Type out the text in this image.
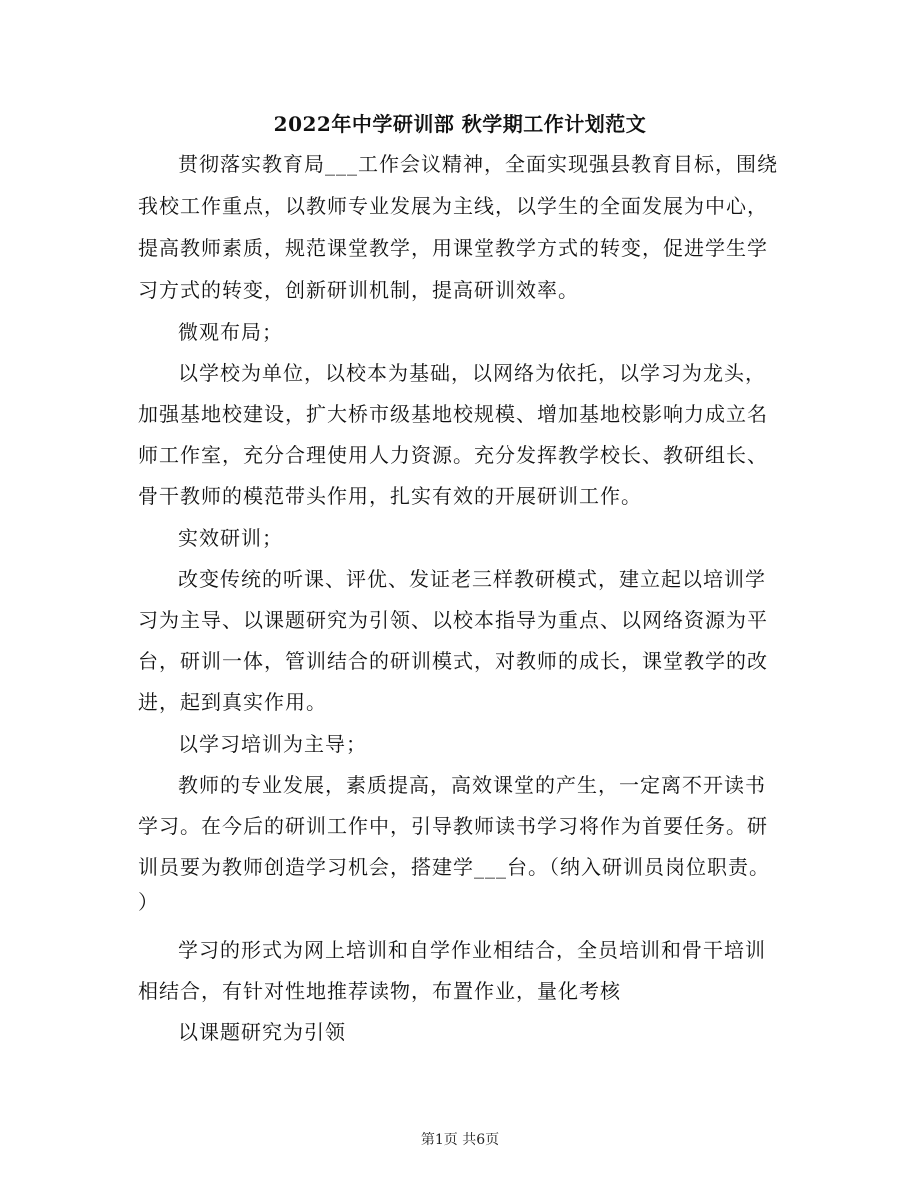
2022年中学研训部 秋学期工作计划范文
贯彻落实教育局___工作会议精神，全面实现强县教育目标，围绕
我校工作重点，以教师专业发展为主线，以学生的全面发展为中心，
提高教师素质，规范课堂教学，用课堂教学方式的转变，促进学生学
习方式的转变，创新研训机制，提高研训效率。
微观布局；
以学校为单位，以校本为基础，以网络为依托，以学习为龙头，
加强基地校建设，扩大桥市级基地校规模、增加基地校影响力成立名
师工作室，充分合理使用人力资源。充分发挥教学校长、教研组长、
骨干教师的模范带头作用，扎实有效的开展研训工作。
实效研训；
改变传统的听课、评优、发证老三样教研模式，建立起以培训学
习为主导、以课题研究为引领、以校本指导为重点、以网络资源为平
台，研训一体，管训结合的研训模式，对教师的成长，课堂教学的改
进，起到真实作用。
以学习培训为主导；
教师的专业发展，素质提高，高效课堂的产生，一定离不开读书
学习。在今后的研训工作中，引导教师读书学习将作为首要任务。研
训员要为教师创造学习机会，搭建学___台。（纳入研训员岗位职责。
）
学习的形式为网上培训和自学作业相结合，全员培训和骨干培训
相结合，有针对性地推荐读物，布置作业，量化考核
以课题研究为引领
第1页 共6页
